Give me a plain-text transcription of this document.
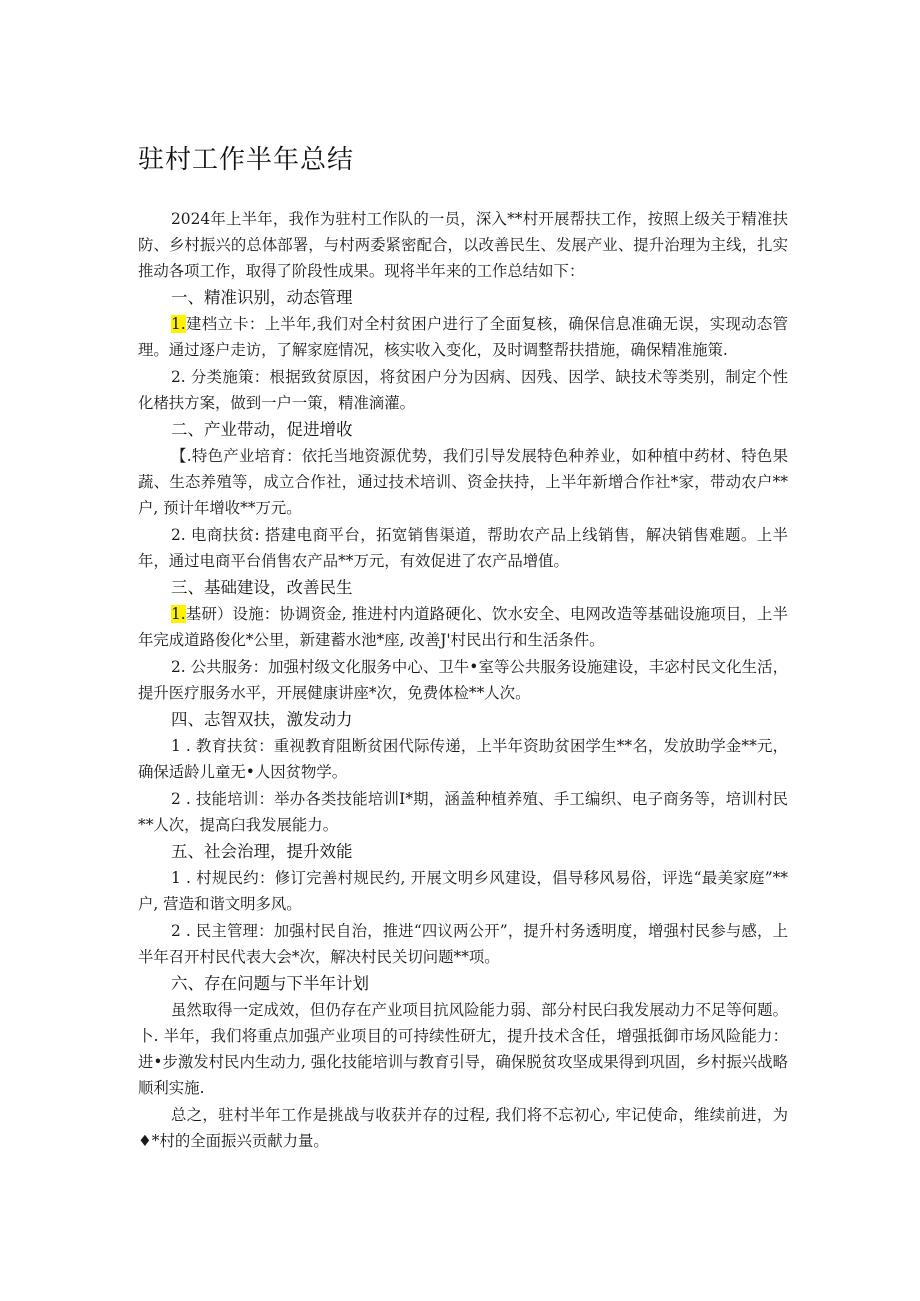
驻村工作半年总结

2024年上半年，我作为驻村工作队的一员，深入**村开展帮扶工作，按照上级关于精准扶防、乡村振兴的总体部署，与村两委紧密配合，以改善民生、发展产业、提升治理为主线，扎实推动各项工作，取得了阶段性成果。现将半年来的工作总结如下：

一、精准识别，动态管理

1.建档立卡：上半年,我们对全村贫困户进行了全面复核，确保信息准确无误，实现动态管理。通过逐户走访，了解家庭情况，核实收入变化，及时调整帮扶措施，确保精准施策.

2. 分类施策：根据致贫原因，将贫困户分为因病、因残、因学、缺技术等类别，制定个性化楮扶方案，做到一户一策，精准滴灌。

二、产业带动，促进增收

【.特色产业培育：依托当地资源优势，我们引导发展特色种养业，如种植中药材、特色果蔬、生态养殖等，成立合作社，通过技术培训、资金扶持，上半年新增合作社*家，带动农户**户, 预计年增收**万元。

2. 电商扶贫: 搭建电商平台，拓宽销售渠道，帮助农产品上线销售，解决销售难题。上半年，通过电商平台俏售农产品**万元，有效促进了农产品增值。

三、基础建设，改善民生

1.基研）设施：协调资金, 推进村内道路硬化、饮水安全、电网改造等基础设施项目，上半年完成道路俊化*公里，新建蓄水池*座, 改善J'村民出行和生活条件。

2. 公共服务：加强村级文化服务中心、卫牛•室等公共服务设施建设，丰宓村民文化生活，提升医疗服务水平，开展健康讲座*次，免费体检**人次。

四、志智双扶，激发动力

1 . 教育扶贫：重视教育阻断贫困代际传递，上半年资助贫困学生**名，发放助学金**元，确保适龄儿童无•人因贫物学。

2 . 技能培训：举办各类技能培训I*期，涵盖种植养殖、手工编织、电子商务等，培训村民**人次，提高臼我发展能力。

五、社会治理，提升效能

1 . 村规民约：修订完善村规民约, 开展文明乡风建设，倡导移风易俗，评选“最美家庭”**户, 营造和谐文明多风。

2 . 民主管理：加强村民自治，推进“四议两公开”，提升村务透明度，增强村民参与感，上半年召开村民代表大会*次，解决村民关切问题**项。

六、存在问题与下半年计划

虽然取得一定成效，但仍存在产业项目抗风险能力弱、部分村民臼我发展动力不足等何题。卜. 半年，我们将重点加强产业项目的可持续性研尢，提升技术含任，增强抵御市场风险能力：进•步激发村民内生动力, 强化技能培训与教育引导，确保脱贫攻坚成果得到巩固，乡村振兴战略顺利实施.

总之，驻村半年工作是挑战与收获并存的过程, 我们将不忘初心, 牢记使命，维续前进，为♦*村的全面振兴贡献力量。
